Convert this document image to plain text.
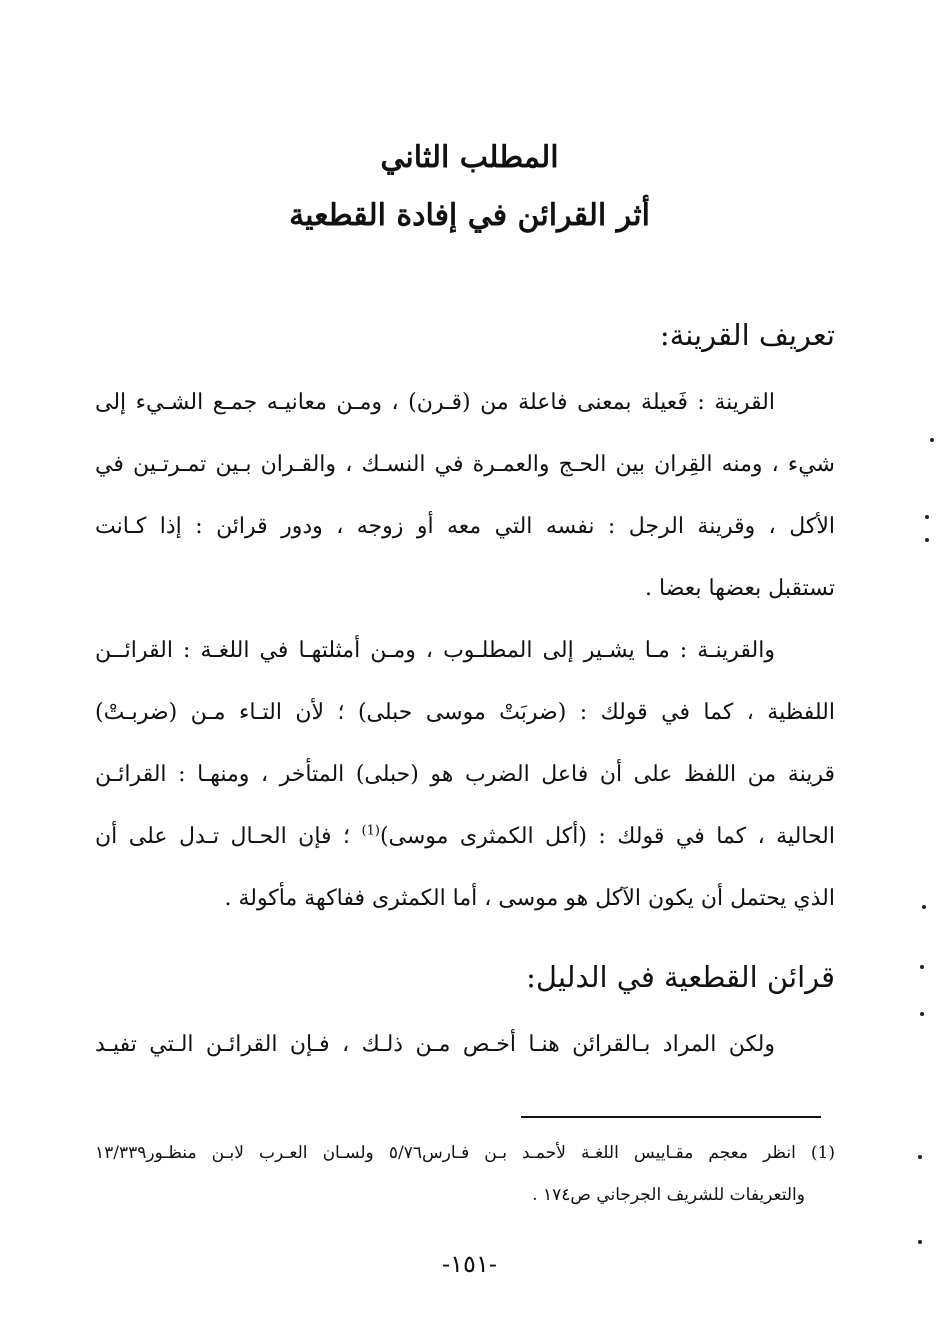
المطلب الثاني
أثر القرائن في إفادة القطعية
تعريف القرينة:
القرينة : فَعيلة بمعنى فاعلة من (قـرن) ، ومـن معانيـه جمـع الشـيء إلى
شيء ، ومنه القِران بين الحـج والعمـرة في النسـك ، والقـران بـين تمـرتـين في
الأكل ، وقرينة الرجل : نفسه التي معه أو زوجه ، ودور قرائن : إذا كـانت
تستقبل بعضها بعضا .
والقرينـة : مـا يشـير إلى المطلـوب ، ومـن أمثلتهـا في اللغـة : القرائــن
اللفظية ، كما في قولك : (ضربَتْ موسى حبلى) ؛ لأن التـاء مـن (ضربـتْ)
قرينة من اللفظ على أن فاعل الضرب هو (حبلى) المتأخر ، ومنهـا : القرائـن
الحالية ، كما في قولك : (أكل الكمثرى موسى)$^{(1)}$ ؛ فإن الحـال تـدل على أن
الذي يحتمل أن يكون الآكل هو موسى ، أما الكمثرى ففاكهة مأكولة .
قرائن القطعية في الدليل:
ولكن المراد بـالقرائن هنـا أخـص مـن ذلـك ، فـإن القرائـن الـتي تفيـد
(1) انظر معجم مقـاييس اللغـة لأحمـد بـن فـارس٥/٧٦ ولسـان العـرب لابـن منظـور١٣/٣٣٩
والتعريفات للشريف الجرجاني ص١٧٤ .
-١٥١-
